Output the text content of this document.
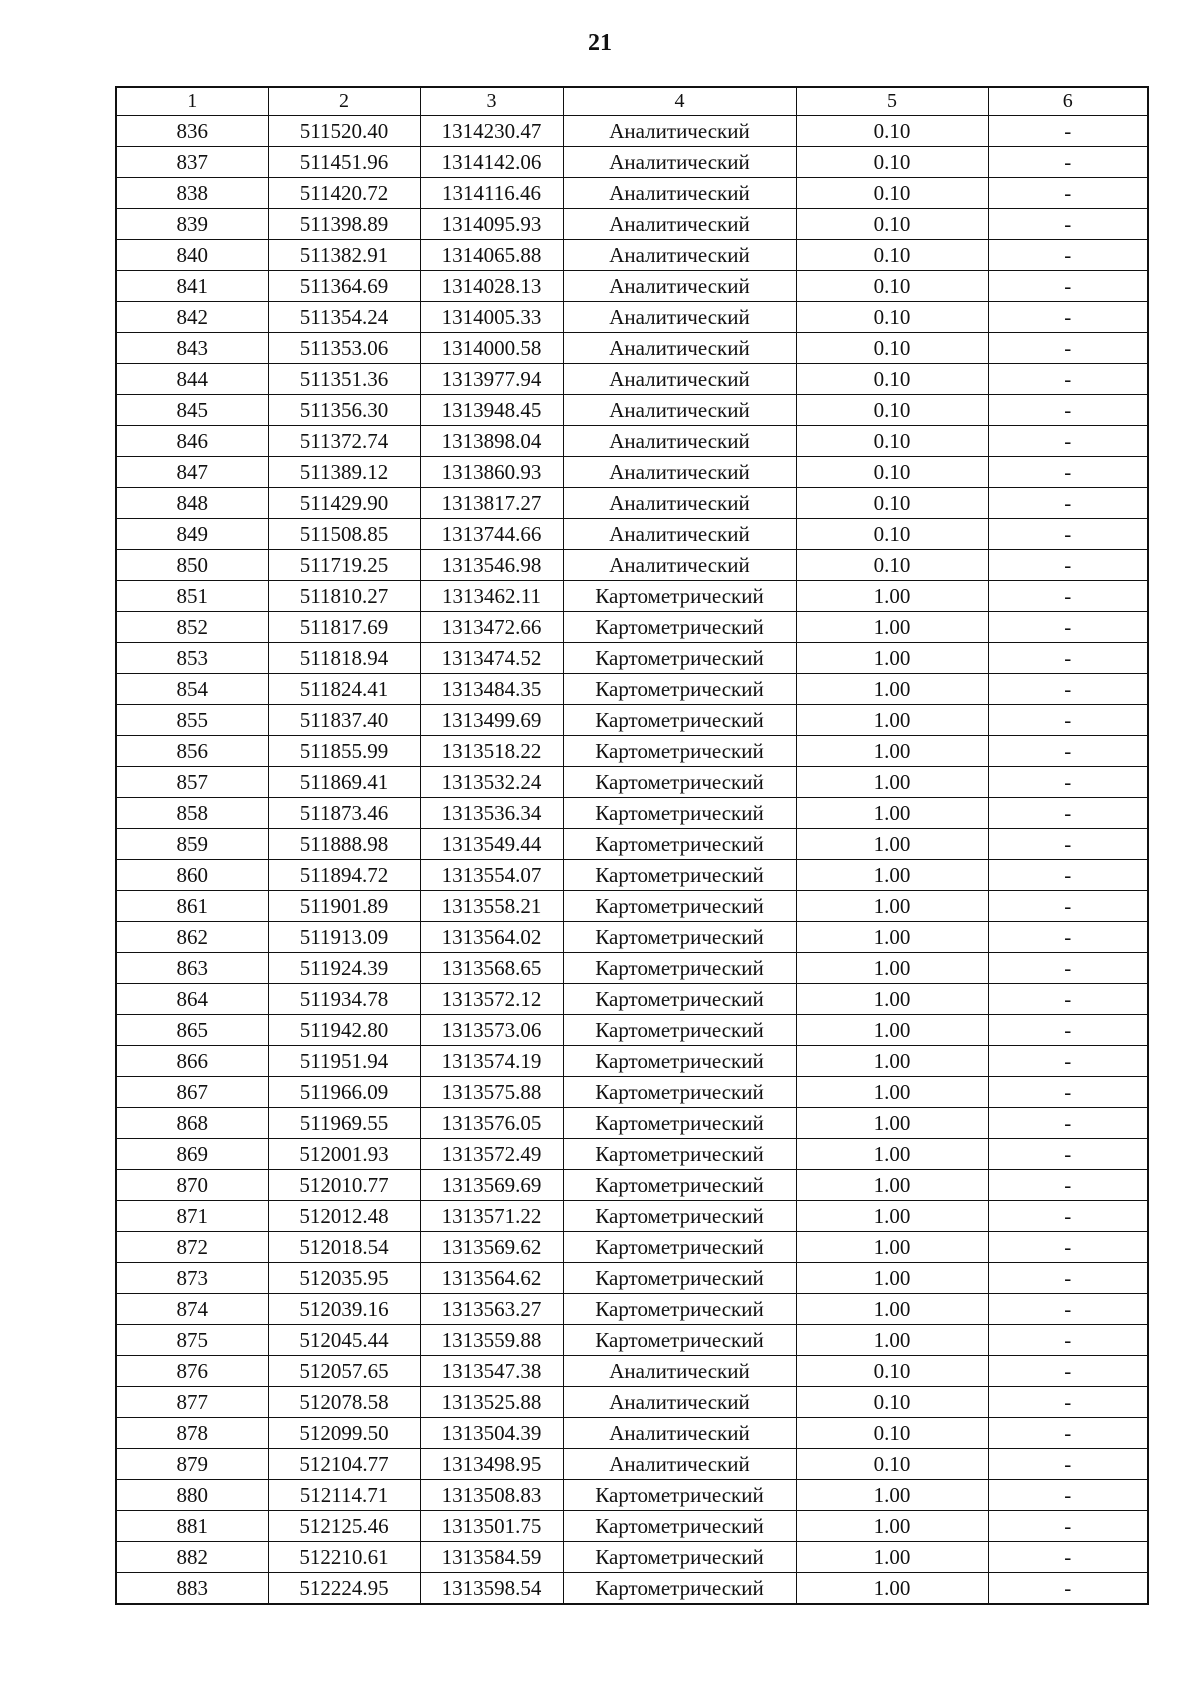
21
1	2	3	4	5	6
836	511520.40	1314230.47	Аналитический	0.10	-
837	511451.96	1314142.06	Аналитический	0.10	-
838	511420.72	1314116.46	Аналитический	0.10	-
839	511398.89	1314095.93	Аналитический	0.10	-
840	511382.91	1314065.88	Аналитический	0.10	-
841	511364.69	1314028.13	Аналитический	0.10	-
842	511354.24	1314005.33	Аналитический	0.10	-
843	511353.06	1314000.58	Аналитический	0.10	-
844	511351.36	1313977.94	Аналитический	0.10	-
845	511356.30	1313948.45	Аналитический	0.10	-
846	511372.74	1313898.04	Аналитический	0.10	-
847	511389.12	1313860.93	Аналитический	0.10	-
848	511429.90	1313817.27	Аналитический	0.10	-
849	511508.85	1313744.66	Аналитический	0.10	-
850	511719.25	1313546.98	Аналитический	0.10	-
851	511810.27	1313462.11	Картометрический	1.00	-
852	511817.69	1313472.66	Картометрический	1.00	-
853	511818.94	1313474.52	Картометрический	1.00	-
854	511824.41	1313484.35	Картометрический	1.00	-
855	511837.40	1313499.69	Картометрический	1.00	-
856	511855.99	1313518.22	Картометрический	1.00	-
857	511869.41	1313532.24	Картометрический	1.00	-
858	511873.46	1313536.34	Картометрический	1.00	-
859	511888.98	1313549.44	Картометрический	1.00	-
860	511894.72	1313554.07	Картометрический	1.00	-
861	511901.89	1313558.21	Картометрический	1.00	-
862	511913.09	1313564.02	Картометрический	1.00	-
863	511924.39	1313568.65	Картометрический	1.00	-
864	511934.78	1313572.12	Картометрический	1.00	-
865	511942.80	1313573.06	Картометрический	1.00	-
866	511951.94	1313574.19	Картометрический	1.00	-
867	511966.09	1313575.88	Картометрический	1.00	-
868	511969.55	1313576.05	Картометрический	1.00	-
869	512001.93	1313572.49	Картометрический	1.00	-
870	512010.77	1313569.69	Картометрический	1.00	-
871	512012.48	1313571.22	Картометрический	1.00	-
872	512018.54	1313569.62	Картометрический	1.00	-
873	512035.95	1313564.62	Картометрический	1.00	-
874	512039.16	1313563.27	Картометрический	1.00	-
875	512045.44	1313559.88	Картометрический	1.00	-
876	512057.65	1313547.38	Аналитический	0.10	-
877	512078.58	1313525.88	Аналитический	0.10	-
878	512099.50	1313504.39	Аналитический	0.10	-
879	512104.77	1313498.95	Аналитический	0.10	-
880	512114.71	1313508.83	Картометрический	1.00	-
881	512125.46	1313501.75	Картометрический	1.00	-
882	512210.61	1313584.59	Картометрический	1.00	-
883	512224.95	1313598.54	Картометрический	1.00	-
